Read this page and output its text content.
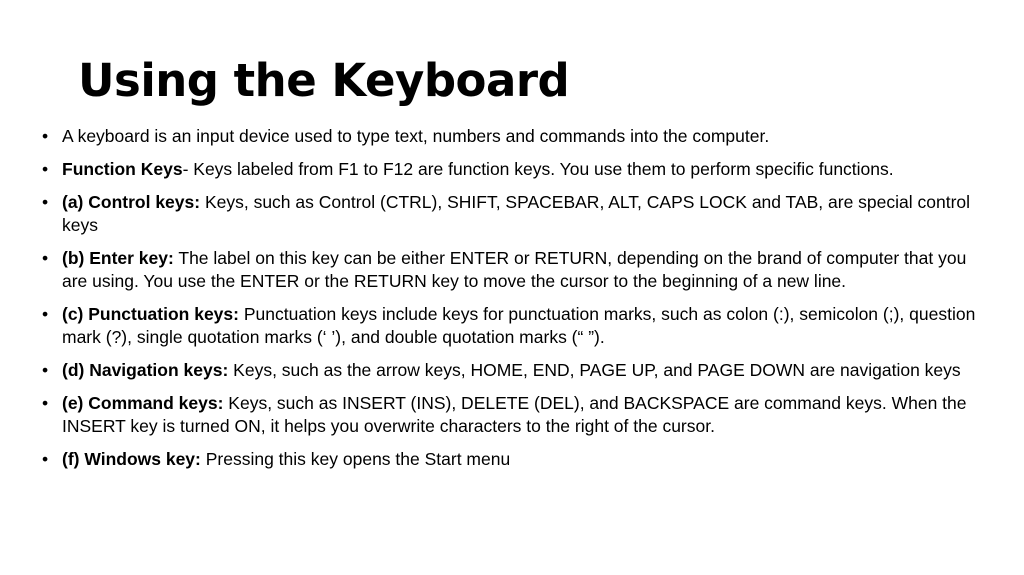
Using the Keyboard
• A keyboard is an input device used to type text, numbers and commands into the computer.
• Function Keys- Keys labeled from F1 to F12 are function keys. You use them to perform specific functions.
• (a) Control keys: Keys, such as Control (CTRL), SHIFT, SPACEBAR, ALT, CAPS LOCK and TAB, are special control keys
• (b) Enter key: The label on this key can be either ENTER or RETURN, depending on the brand of computer that you are using. You use the ENTER or the RETURN key to move the cursor to the beginning of a new line.
• (c) Punctuation keys: Punctuation keys include keys for punctuation marks, such as colon (:), semicolon (;), question mark (?), single quotation marks (‘ ’), and double quotation marks (“ ”).
• (d) Navigation keys: Keys, such as the arrow keys, HOME, END, PAGE UP, and PAGE DOWN are navigation keys
• (e) Command keys: Keys, such as INSERT (INS), DELETE (DEL), and BACKSPACE are command keys. When the INSERT key is turned ON, it helps you overwrite characters to the right of the cursor.
• (f) Windows key: Pressing this key opens the Start menu
